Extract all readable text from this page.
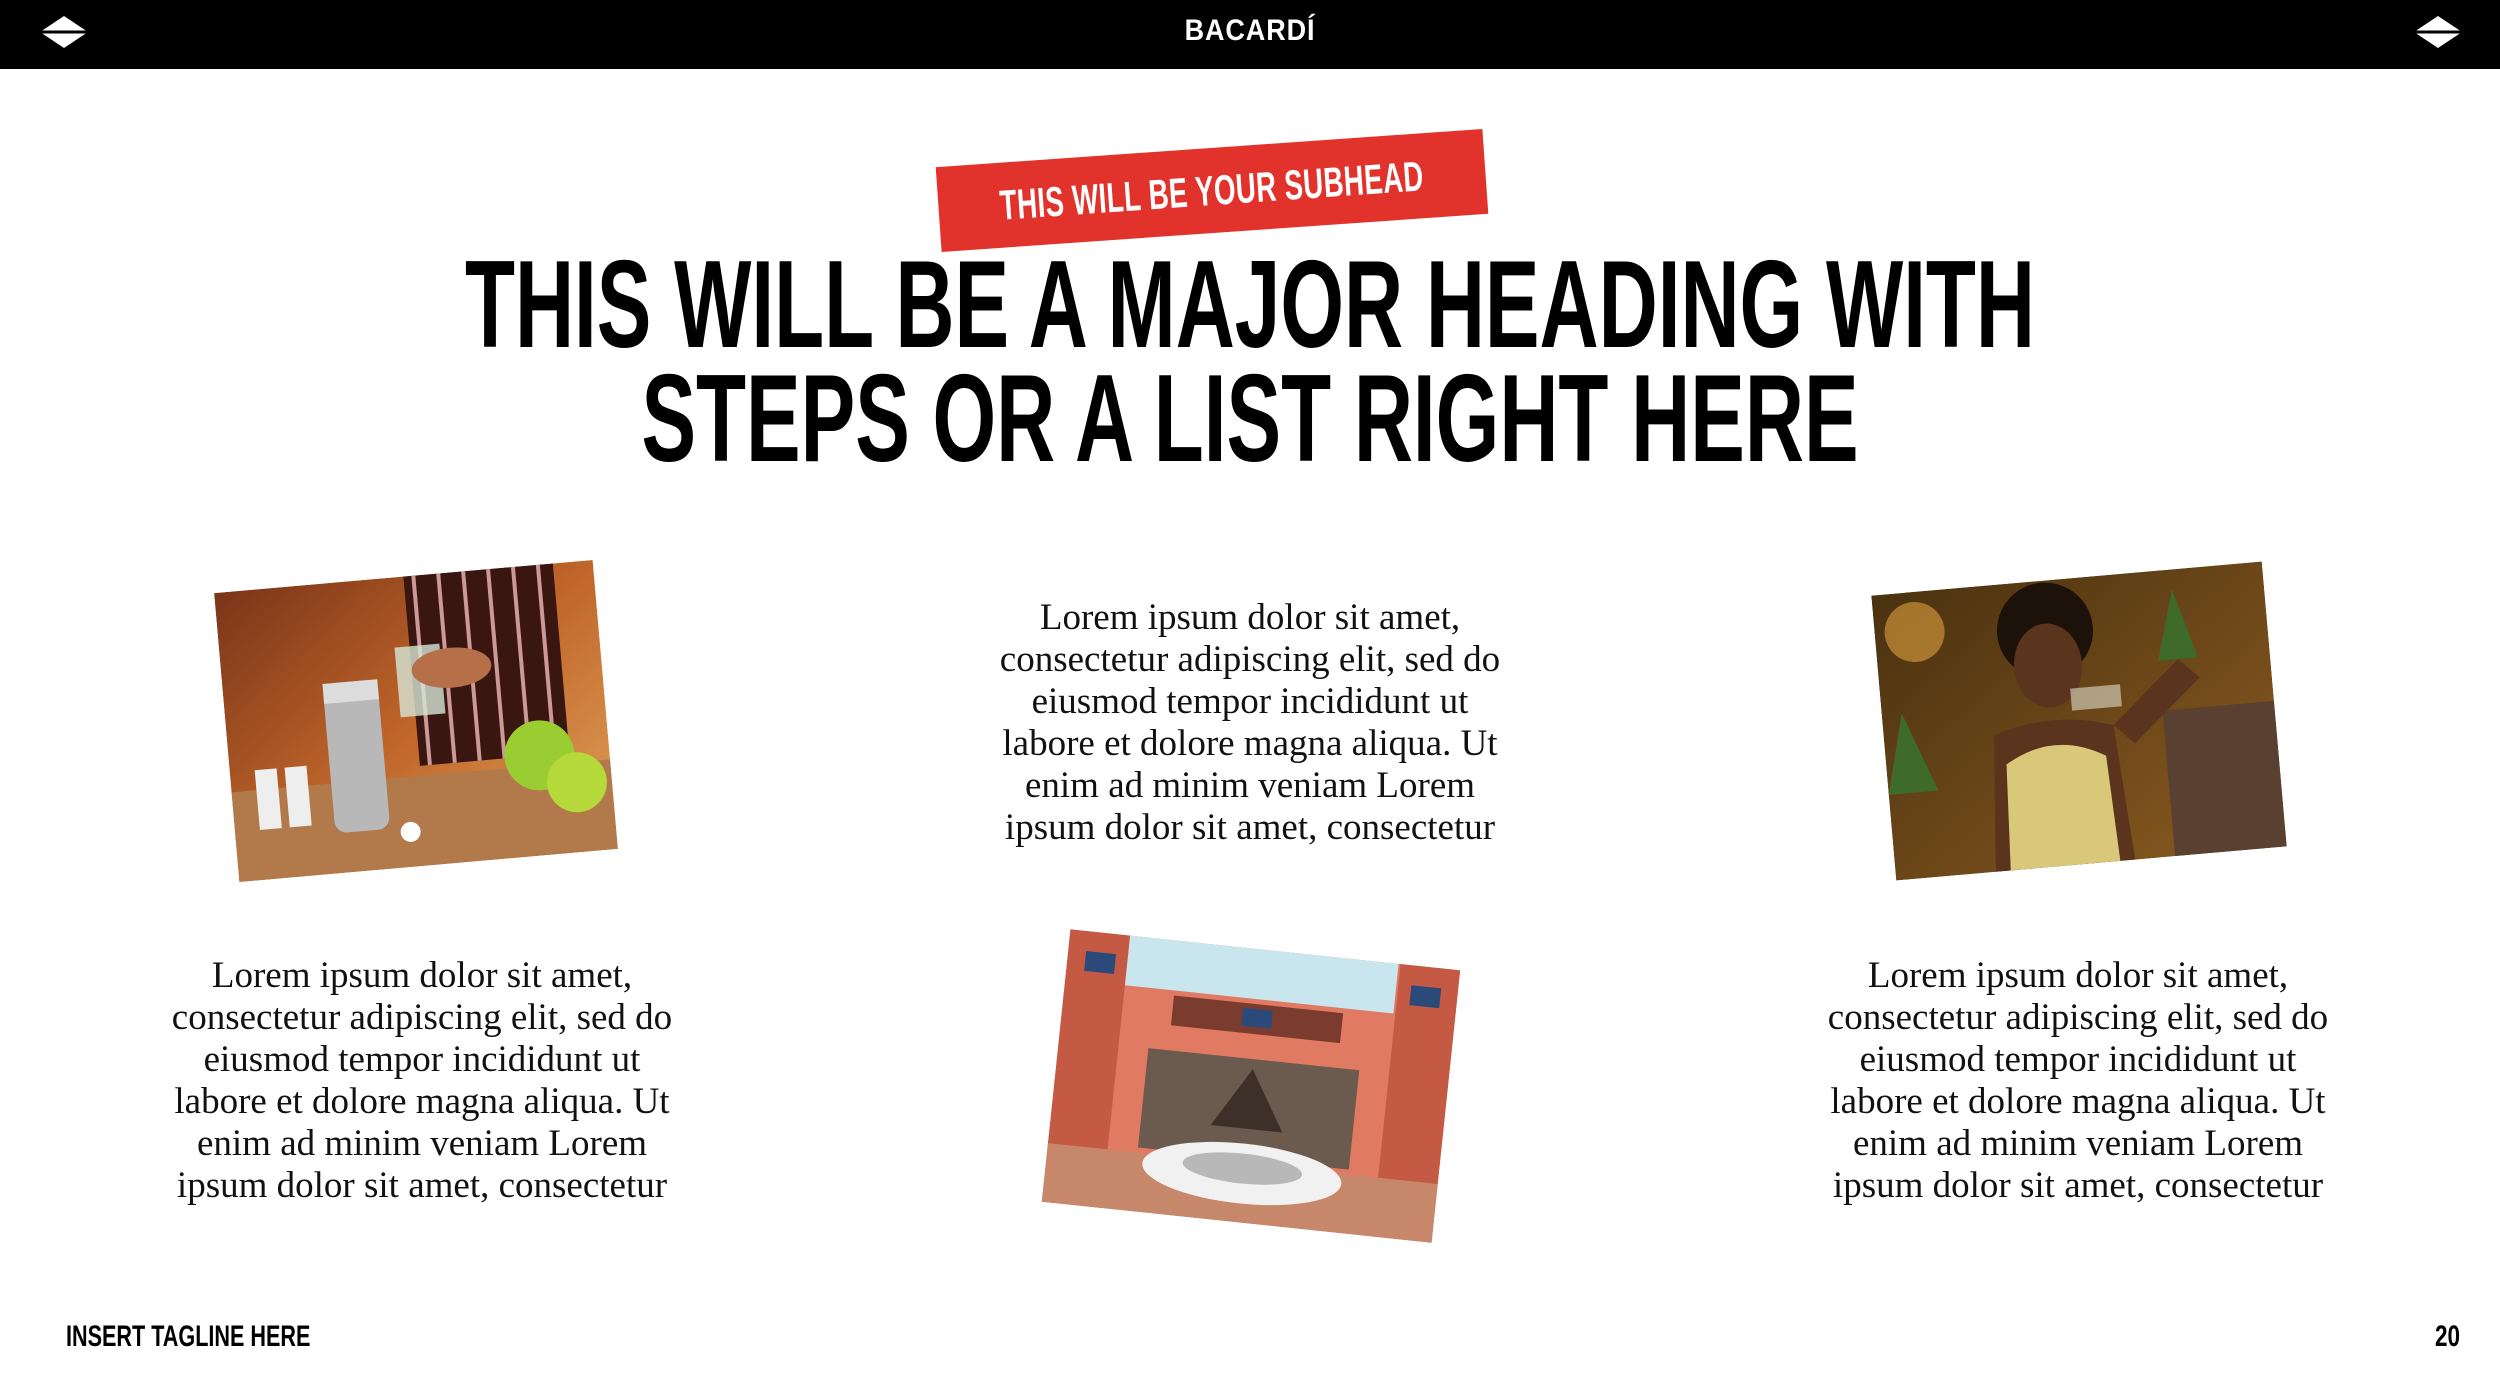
BACARDÍ
THIS WILL BE YOUR SUBHEAD
THIS WILL BE A MAJOR HEADING WITH
STEPS OR A LIST RIGHT HERE
Lorem ipsum dolor sit amet,
consectetur adipiscing elit, sed do
eiusmod tempor incididunt ut
labore et dolore magna aliqua. Ut
enim ad minim veniam Lorem
ipsum dolor sit amet, consectetur
Lorem ipsum dolor sit amet,
consectetur adipiscing elit, sed do
eiusmod tempor incididunt ut
labore et dolore magna aliqua. Ut
enim ad minim veniam Lorem
ipsum dolor sit amet, consectetur
Lorem ipsum dolor sit amet,
consectetur adipiscing elit, sed do
eiusmod tempor incididunt ut
labore et dolore magna aliqua. Ut
enim ad minim veniam Lorem
ipsum dolor sit amet, consectetur
INSERT TAGLINE HERE	20
